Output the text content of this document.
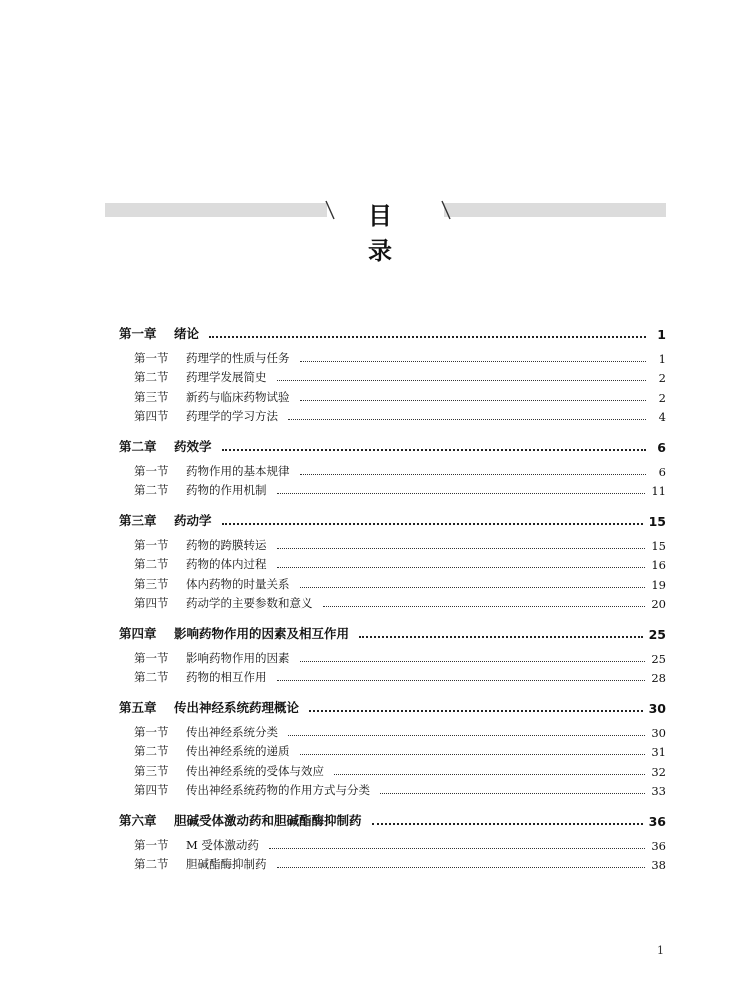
目 录
第一章	绪论	1
第一节	药理学的性质与任务	1
第二节	药理学发展简史	2
第三节	新药与临床药物试验	2
第四节	药理学的学习方法	4
第二章	药效学	6
第一节	药物作用的基本规律	6
第二节	药物的作用机制	11
第三章	药动学	15
第一节	药物的跨膜转运	15
第二节	药物的体内过程	16
第三节	体内药物的时量关系	19
第四节	药动学的主要参数和意义	20
第四章	影响药物作用的因素及相互作用	25
第一节	影响药物作用的因素	25
第二节	药物的相互作用	28
第五章	传出神经系统药理概论	30
第一节	传出神经系统分类	30
第二节	传出神经系统的递质	31
第三节	传出神经系统的受体与效应	32
第四节	传出神经系统药物的作用方式与分类	33
第六章	胆碱受体激动药和胆碱酯酶抑制药	36
第一节	M 受体激动药	36
第二节	胆碱酯酶抑制药	38
1
